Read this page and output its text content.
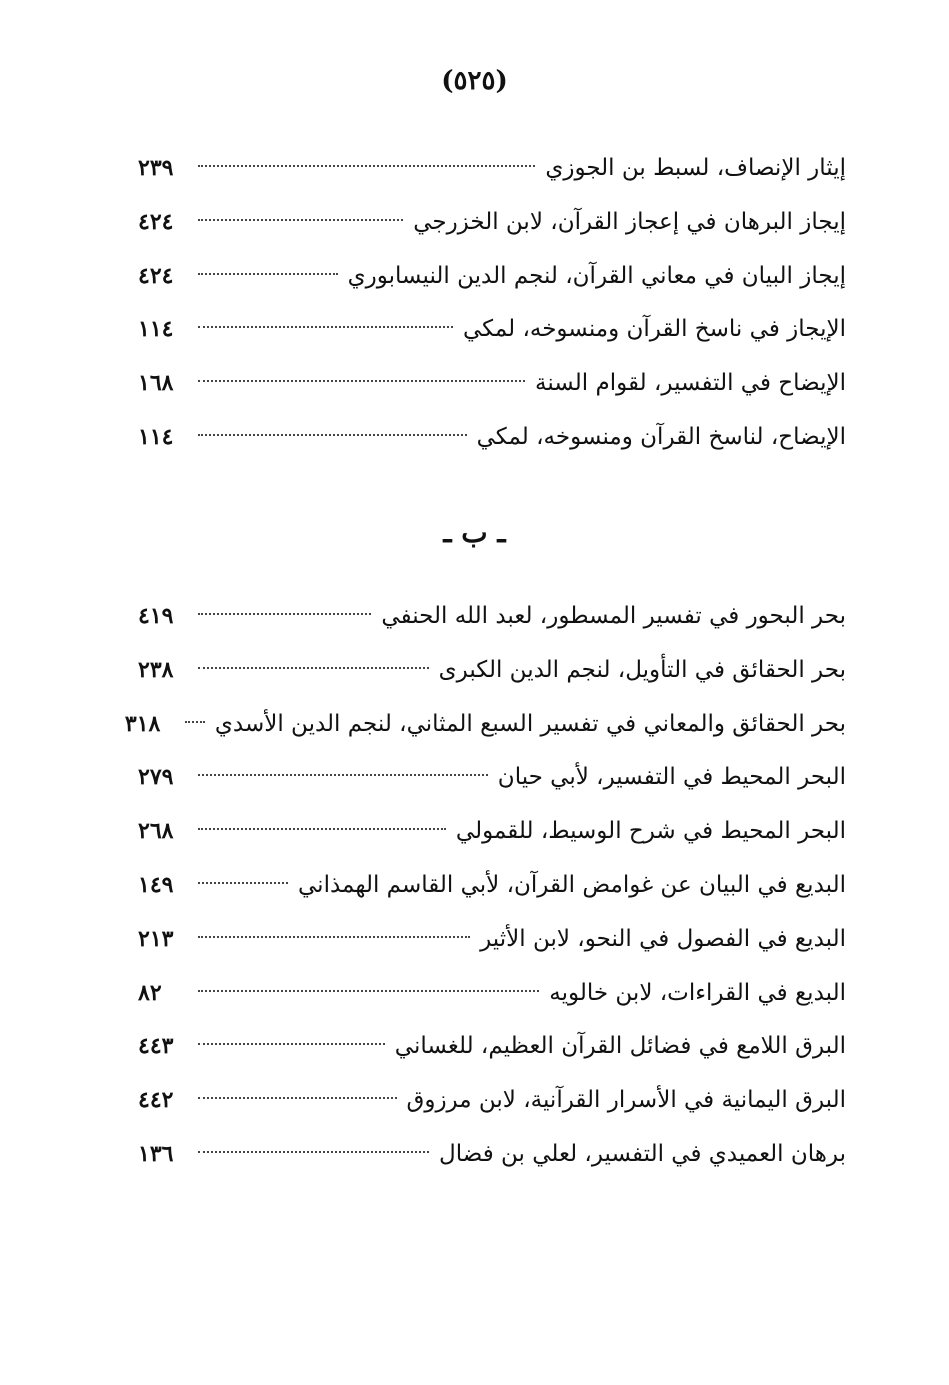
(٥٢٥)
إيثار الإنصاف، لسبط بن الجوزي
٢٣٩
إيجاز البرهان في إعجاز القرآن، لابن الخزرجي
٤٢٤
إيجاز البيان في معاني القرآن، لنجم الدين النيسابوري
٤٢٤
الإيجاز في ناسخ القرآن ومنسوخه، لمكي
١١٤
الإيضاح في التفسير، لقوام السنة
١٦٨
الإيضاح، لناسخ القرآن ومنسوخه، لمكي
١١٤
ـ ب ـ
بحر البحور في تفسير المسطور، لعبد الله الحنفي
٤١٩
بحر الحقائق في التأويل، لنجم الدين الكبرى
٢٣٨
بحر الحقائق والمعاني في تفسير السبع المثاني، لنجم الدين الأسدي
٣١٨
البحر المحيط في التفسير، لأبي حيان
٢٧٩
البحر المحيط في شرح الوسيط، للقمولي
٢٦٨
البديع في البيان عن غوامض القرآن، لأبي القاسم الهمذاني
١٤٩
البديع في الفصول في النحو، لابن الأثير
٢١٣
البديع في القراءات، لابن خالويه
٨٢
البرق اللامع في فضائل القرآن العظيم، للغساني
٤٤٣
البرق اليمانية في الأسرار القرآنية، لابن مرزوق
٤٤٢
برهان العميدي في التفسير، لعلي بن فضال
١٣٦
